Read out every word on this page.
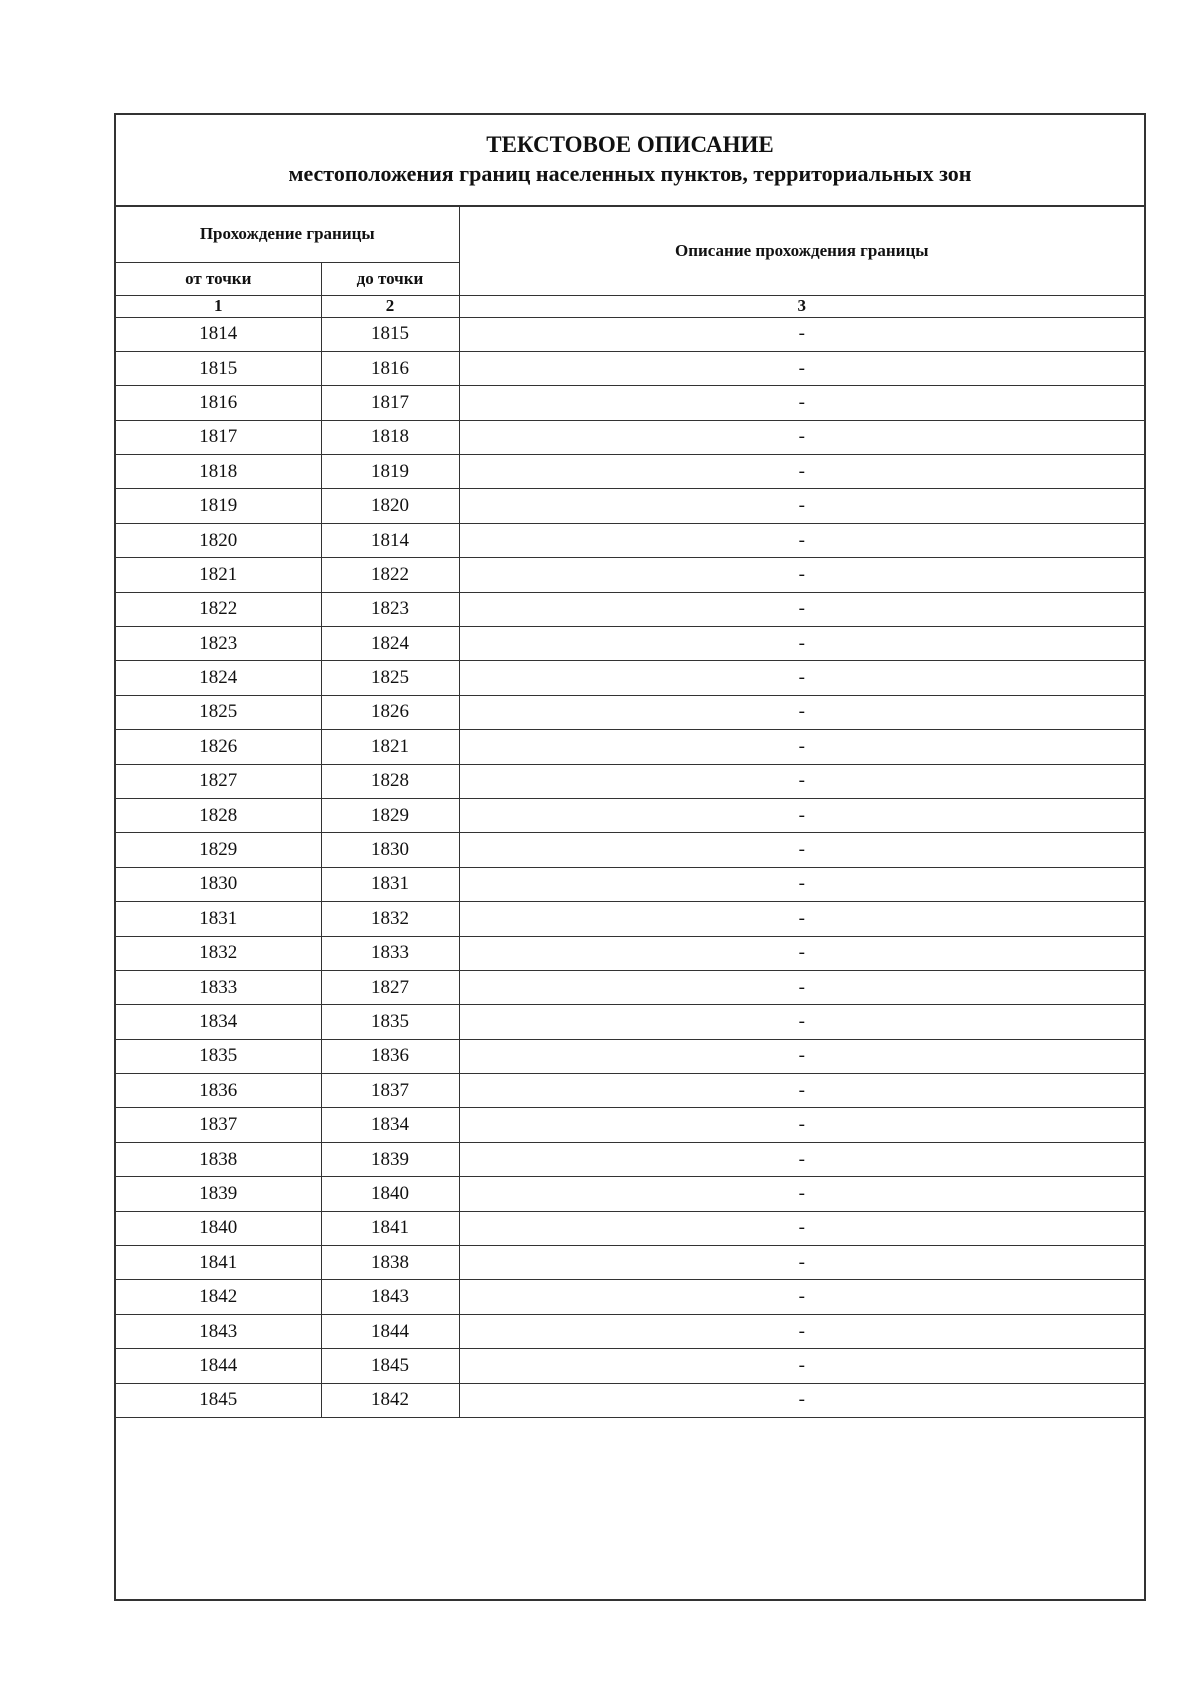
ТЕКСТОВОЕ ОПИСАНИЕ
местоположения границ населенных пунктов, территориальных зон
Прохождение границы		Описание прохождения границы
от точки	до точки	
1	2	3
1814	1815	-
1815	1816	-
1816	1817	-
1817	1818	-
1818	1819	-
1819	1820	-
1820	1814	-
1821	1822	-
1822	1823	-
1823	1824	-
1824	1825	-
1825	1826	-
1826	1821	-
1827	1828	-
1828	1829	-
1829	1830	-
1830	1831	-
1831	1832	-
1832	1833	-
1833	1827	-
1834	1835	-
1835	1836	-
1836	1837	-
1837	1834	-
1838	1839	-
1839	1840	-
1840	1841	-
1841	1838	-
1842	1843	-
1843	1844	-
1844	1845	-
1845	1842	-
